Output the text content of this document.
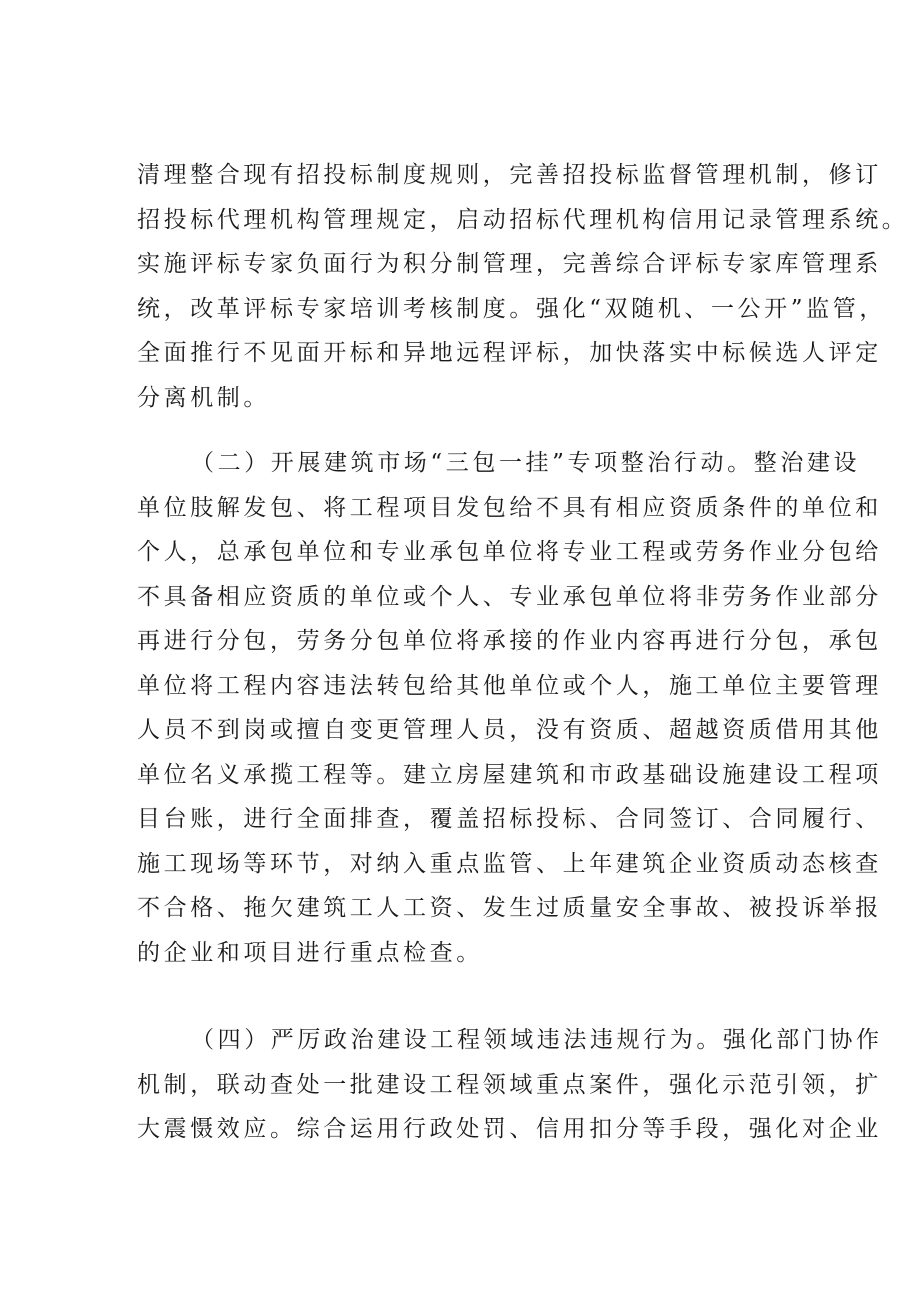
清理整合现有招投标制度规则，完善招投标监督管理机制，修订
招投标代理机构管理规定，启动招标代理机构信用记录管理系统。
实施评标专家负面行为积分制管理，完善综合评标专家库管理系
统，改革评标专家培训考核制度。强化“双随机、一公开”监管，
全面推行不见面开标和异地远程评标，加快落实中标候选人评定
分离机制。
（二）开展建筑市场“三包一挂”专项整治行动。整治建设
单位肢解发包、将工程项目发包给不具有相应资质条件的单位和
个人，总承包单位和专业承包单位将专业工程或劳务作业分包给
不具备相应资质的单位或个人、专业承包单位将非劳务作业部分
再进行分包，劳务分包单位将承接的作业内容再进行分包，承包
单位将工程内容违法转包给其他单位或个人，施工单位主要管理
人员不到岗或擅自变更管理人员，没有资质、超越资质借用其他
单位名义承揽工程等。建立房屋建筑和市政基础设施建设工程项
目台账，进行全面排查，覆盖招标投标、合同签订、合同履行、
施工现场等环节，对纳入重点监管、上年建筑企业资质动态核查
不合格、拖欠建筑工人工资、发生过质量安全事故、被投诉举报
的企业和项目进行重点检查。
（四）严厉政治建设工程领域违法违规行为。强化部门协作
机制，联动查处一批建设工程领域重点案件，强化示范引领，扩
大震慑效应。综合运用行政处罚、信用扣分等手段，强化对企业
